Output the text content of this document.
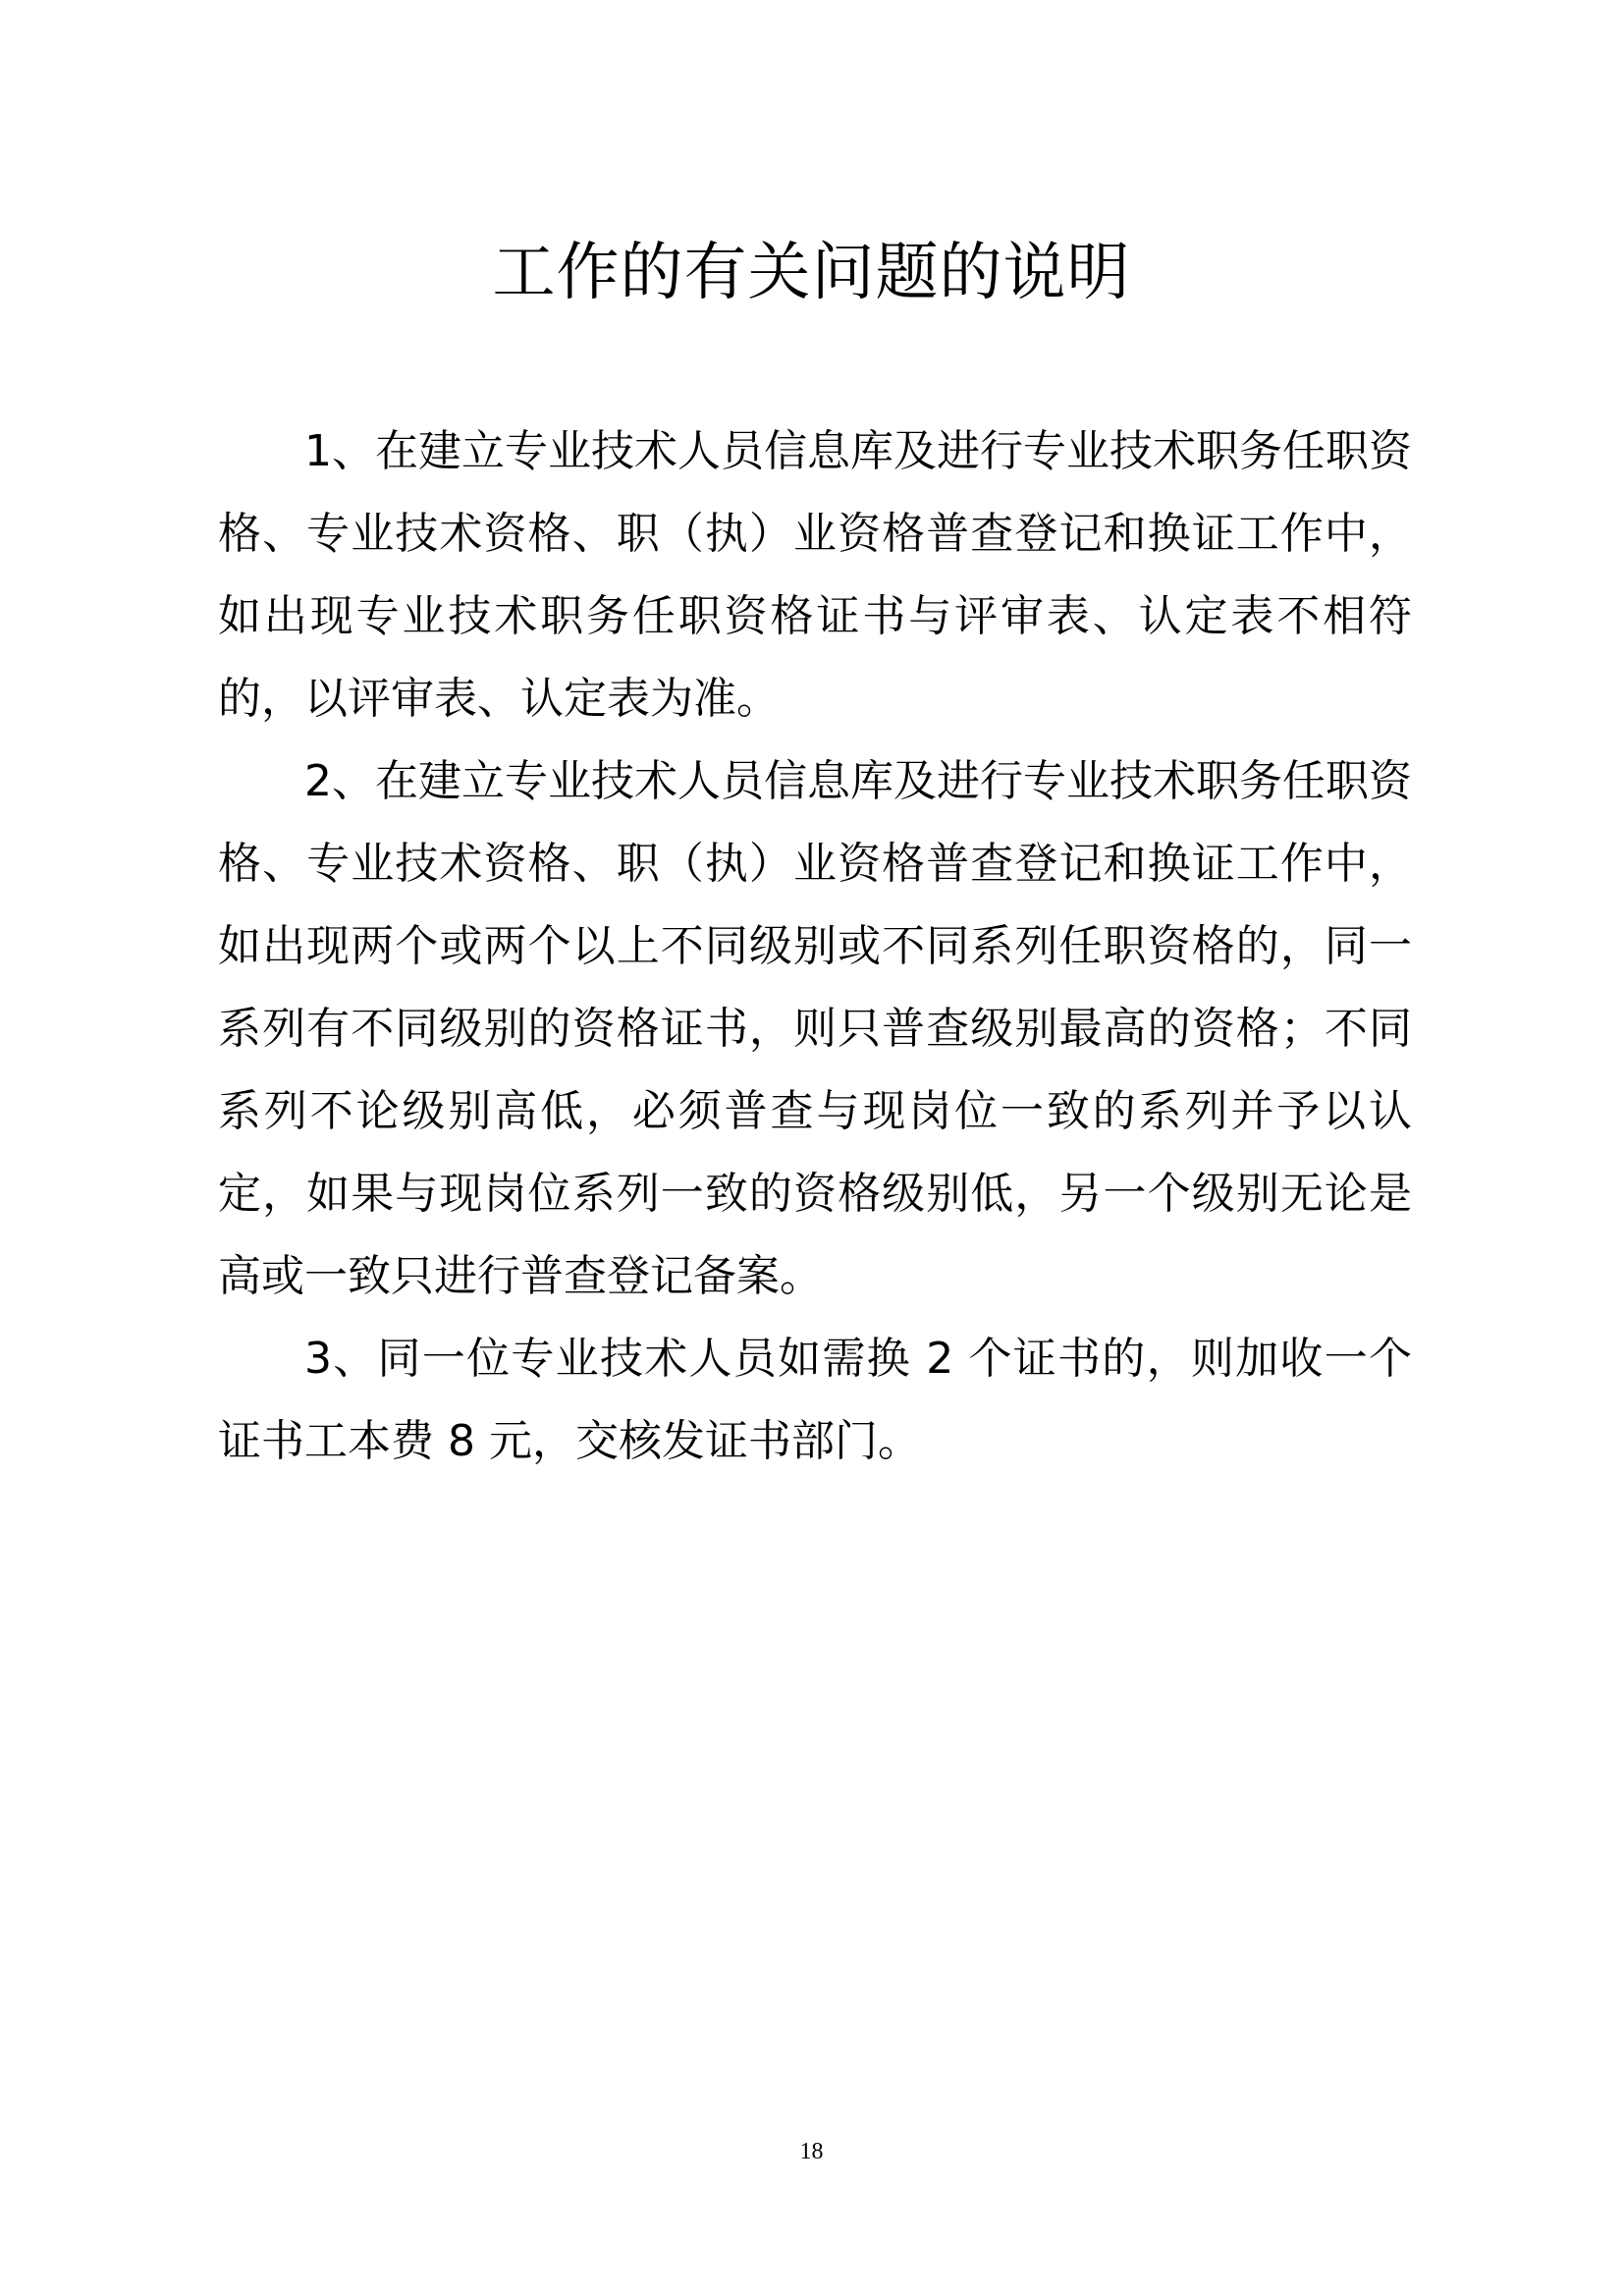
工作的有关问题的说明

1、在建立专业技术人员信息库及进行专业技术职务任职资格、专业技术资格、职（执）业资格普查登记和换证工作中，如出现专业技术职务任职资格证书与评审表、认定表不相符的，以评审表、认定表为准。

2、在建立专业技术人员信息库及进行专业技术职务任职资格、专业技术资格、职（执）业资格普查登记和换证工作中，如出现两个或两个以上不同级别或不同系列任职资格的，同一系列有不同级别的资格证书，则只普查级别最高的资格；不同系列不论级别高低，必须普查与现岗位一致的系列并予以认定，如果与现岗位系列一致的资格级别低，另一个级别无论是高或一致只进行普查登记备案。

3、同一位专业技术人员如需换 2 个证书的，则加收一个证书工本费 8 元，交核发证书部门。

18
